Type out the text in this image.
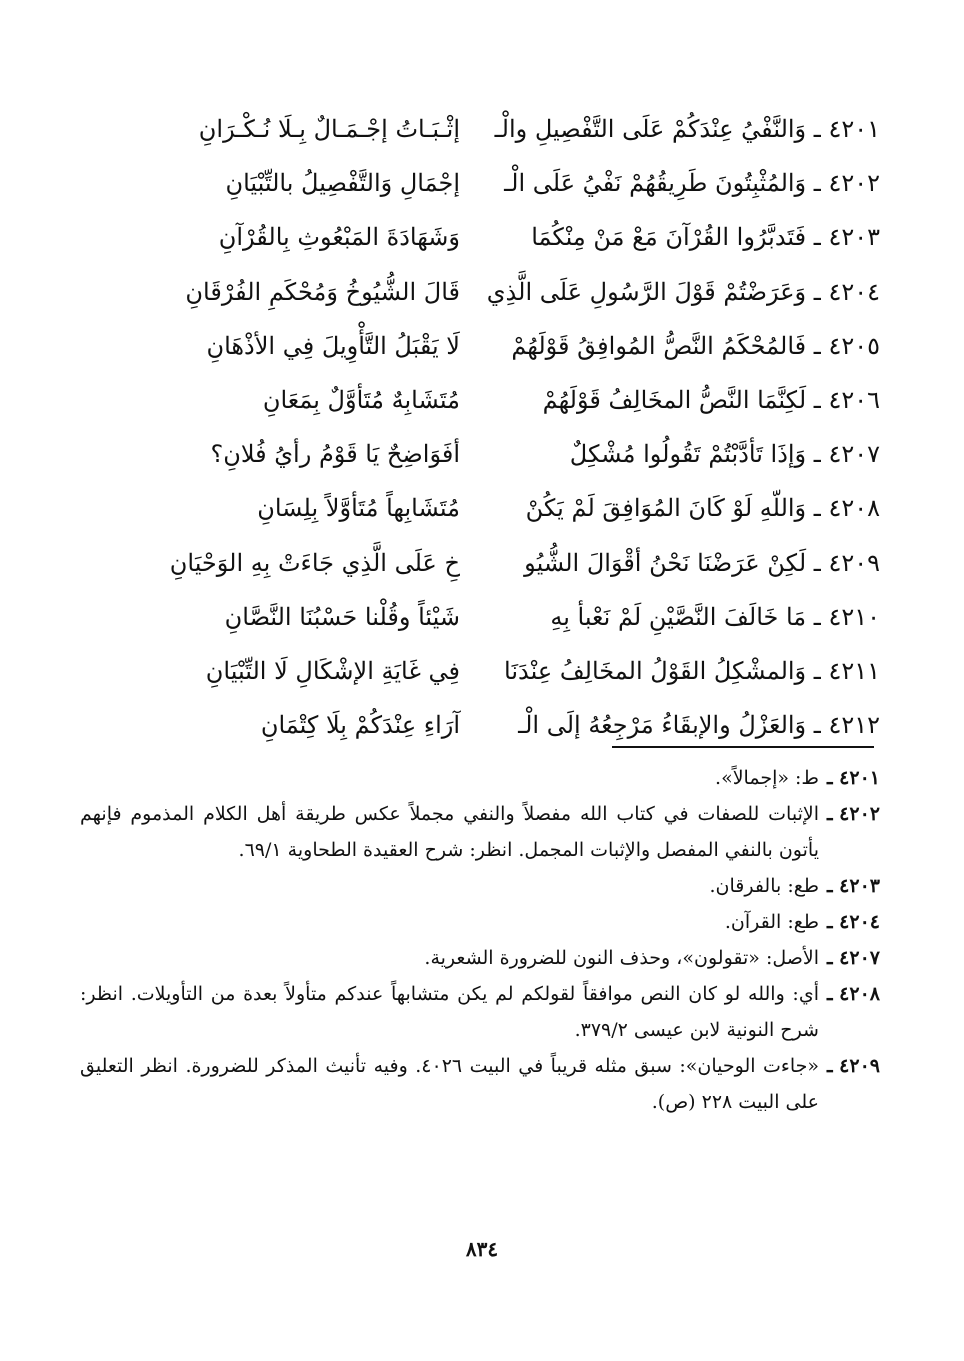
إثْـبَـاتُ إجْـمَـالٌ بِـلَا نُـكْـرَانِ	٤٢٠١ ـ وَالنَّفْيُ عِنْدَكُمْ عَلَى التَّفْصِيلِ والْـ
إجْمَالِ وَالتَّفْصِيلُ بالتِّبْيَانِ	٤٢٠٢ ـ وَالمُثْبِتُونَ طَرِيقُهُمْ نَفْيُ عَلَى الْـ
وَشَهَادَةَ المَبْعُوثِ بِالقُرْآنِ	٤٢٠٣ ـ فَتَدبَّرُوا القُرْآنَ مَعْ مَنْ مِنْكُمَا
قَالَ الشُّيُوخُ وَمُحْكَمِ الفُرْقَانِ ٤٢٠٤ ـ وَعَرَضْتُمْ قَوْلَ الرَّسُولِ عَلَى الَّذِي
لَا يَقْبَلُ التَّأْوِيلَ فِي الأذْهَانِ	٤٢٠٥ ـ فَالمُحْكَمُ النَّصُّ المُوافِقُ قَوْلَهُمْ
مُتَشَابِهٌ مُتَأوَّلٌ بِمَعَانِ	٤٢٠٦ ـ لَكِنَّمَا النَّصُّ المخَالِفُ قَوْلَهُمْ
أفَوَاضِحٌ يَا قَوْمُ رأيُ فُلانِ؟	٤٢٠٧ ـ وَإذَا تَأدَّبْتُمْ تَقُولُوا مُشْكِلٌ
مُتَشَابِهاً مُتَأوَّلاً بِلِسَانِ	٤٢٠٨ ـ وَاللّهِ لَوْ كَانَ المُوَافِقَ لَمْ يَكُنْ
خِ عَلَى الَّذِي جَاءَتْ بِهِ الوَحْيَانِ	٤٢٠٩ ـ لَكِنْ عَرَضْنَا نَحْنُ أقْوَالَ الشُّيُو
شَيْئاً وقُلْنا حَسْبُنَا النَّصَّانِ	٤٢١٠ ـ مَا خَالَفَ النَّصَّيْنِ لَمْ نَعْبأ بِهِ
فِي غَايَةِ الإشْكَالِ لَا التِّبْيَانِ	٤٢١١ ـ وَالمشْكِلُ القَوْلُ المخَالِفُ عِنْدَنَا
آرَاءِ عِنْدَكُمْ بِلَا كِتْمَانِ	٤٢١٢ ـ وَالعَزْلُ والإبقَاءُ مَرْجِعُهُ إلَى الْـ
٤٢٠١ ـ
ط: «إجمالاً».
٤٢٠٢ ـ
الإثبات للصفات في كتاب الله مفصلاً والنفي مجملاً عكس طريقة أهل الكلام المذموم فإنهم يأتون بالنفي المفصل والإثبات المجمل. انظر: شرح العقيدة الطحاوية ٦٩/١.
٤٢٠٣ ـ
طع: بالفرقان.
٤٢٠٤ ـ
طع: القرآن.
٤٢٠٧ ـ
الأصل: «تقولون»، وحذف النون للضرورة الشعرية.
٤٢٠٨ ـ
أي: والله لو كان النص موافقاً لقولكم لم يكن متشابهاً عندكم متأولاً بعدة من التأويلات. انظر: شرح النونية لابن عيسى ٣٧٩/٢.
٤٢٠٩ ـ
«جاءت الوحيان»: سبق مثله قريباً في البيت ٤٠٢٦. وفيه تأنيث المذكر للضرورة. انظر التعليق على البيت ٢٢٨ (ص).
٨٣٤
